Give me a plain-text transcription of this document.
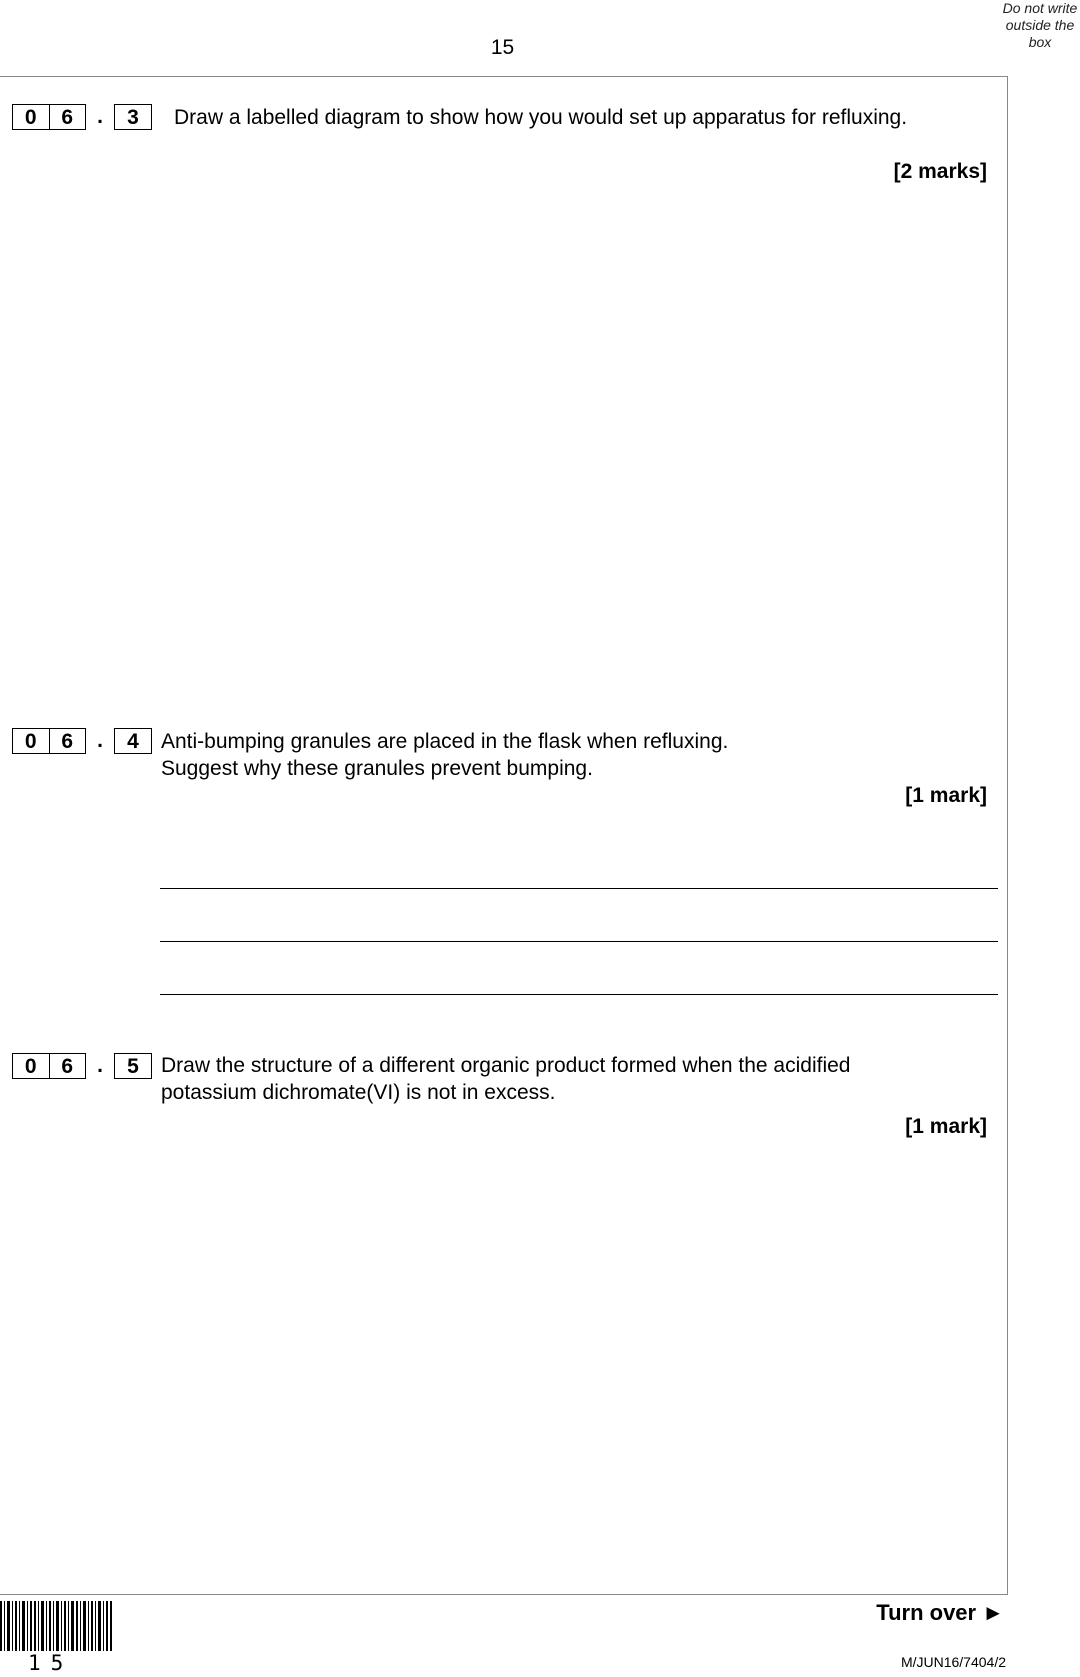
15
Do not write outside the box
0	6	.	3	Draw a labelled diagram to show how you would set up apparatus for refluxing.
[2 marks]
0	6	.	4	Anti-bumping granules are placed in the flask when refluxing.
Suggest why these granules prevent bumping.
[1 mark]
0	6	.	5	Draw the structure of a different organic product formed when the acidified
potassium dichromate(VI) is not in excess.
[1 mark]
15
Turn over ►
M/JUN16/7404/2
